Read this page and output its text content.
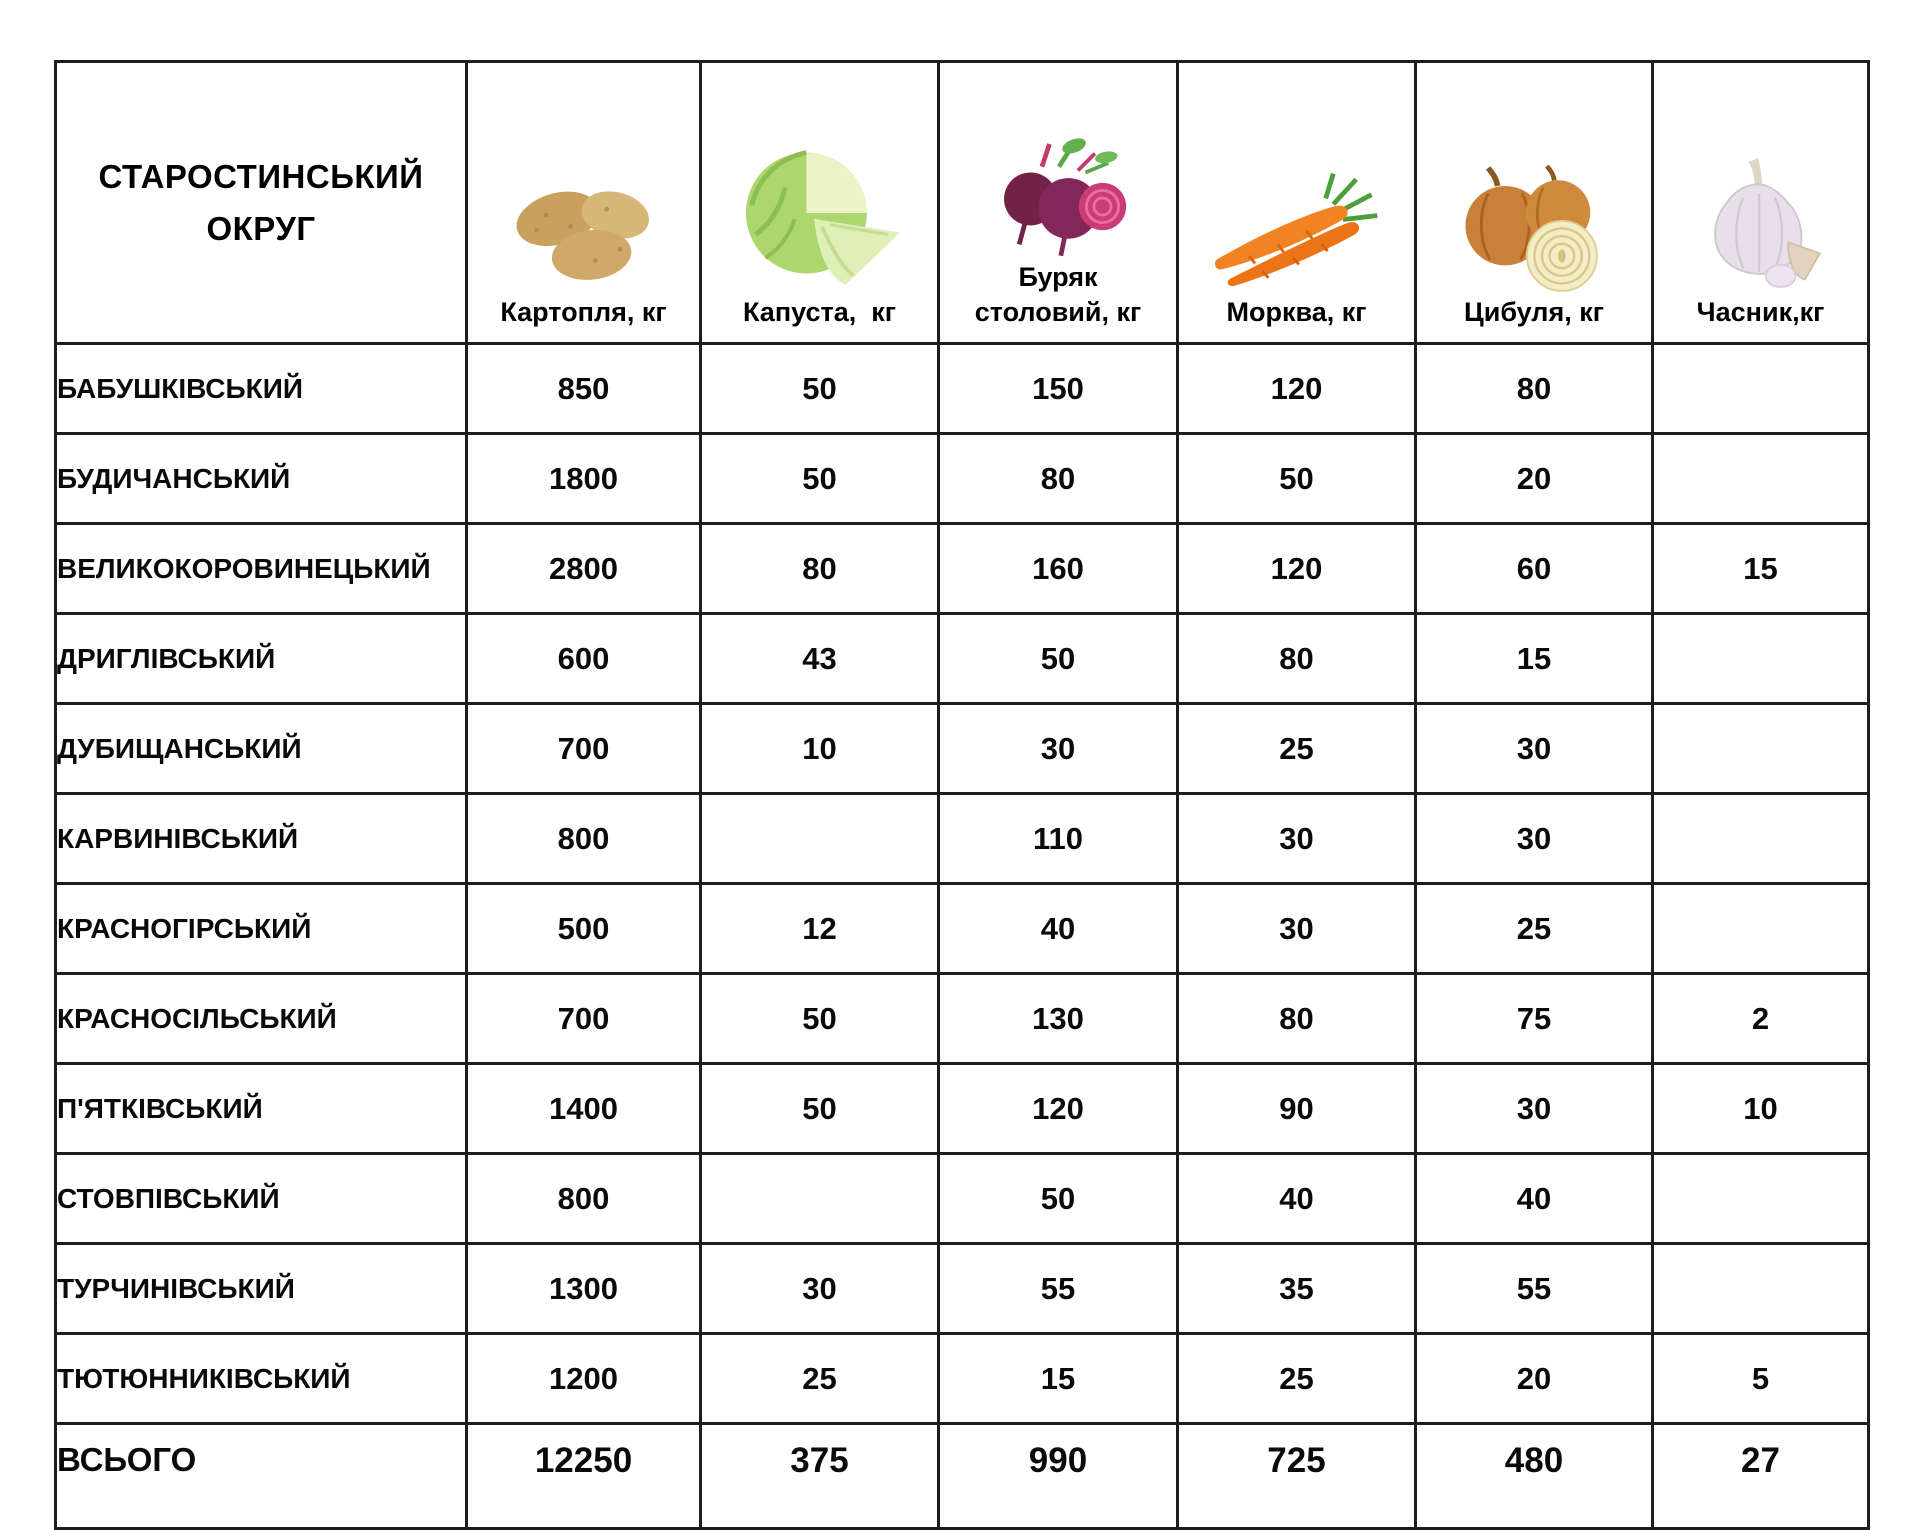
СТАРОСТИНСЬКИЙ ОКРУГ	Картопля, кг	Капуста,  кг	Буряк столовий, кг	Морква, кг	Цибуля, кг	Часник,кг

БАБУШКІВСЬКИЙ	850	50	150	120	80	
БУДИЧАНСЬКИЙ	1800	50	80	50	20	
ВЕЛИКОКОРОВИНЕЦЬКИЙ	2800	80	160	120	60	15
ДРИГЛІВСЬКИЙ	600	43	50	80	15	
ДУБИЩАНСЬКИЙ	700	10	30	25	30	
КАРВИНІВСЬКИЙ	800		110	30	30	
КРАСНОГІРСЬКИЙ	500	12	40	30	25	
КРАСНОСІЛЬСЬКИЙ	700	50	130	80	75	2
П'ЯТКІВСЬКИЙ	1400	50	120	90	30	10
СТОВПІВСЬКИЙ	800		50	40	40	
ТУРЧИНІВСЬКИЙ	1300	30	55	35	55	
ТЮТЮННИКІВСЬКИЙ	1200	25	15	25	20	5
ВСЬОГО	12250	375	990	725	480	27
